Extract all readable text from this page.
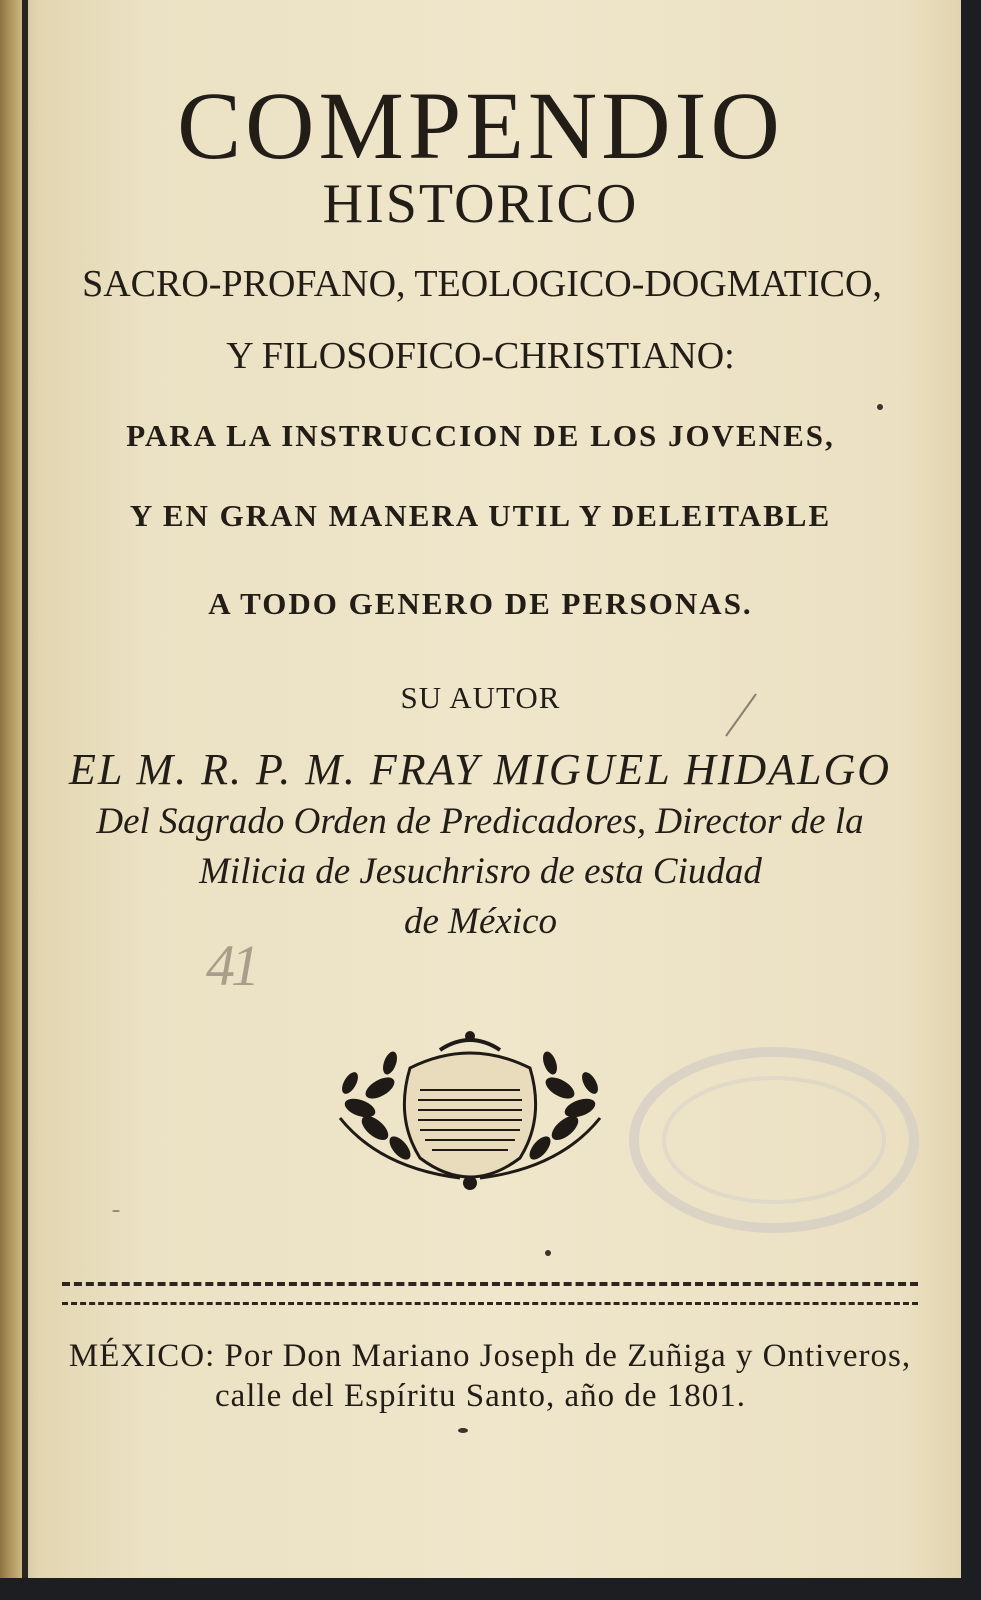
COMPENDIO
HISTORICO
SACRO-PROFANO, TEOLOGICO-DOGMATICO,
Y FILOSOFICO-CHRISTIANO:
PARA LA INSTRUCCION DE LOS JOVENES,
Y EN GRAN MANERA UTIL Y DELEITABLE
A TODO GENERO DE PERSONAS.
SU AUTOR
EL M. R. P. M. FRAY MIGUEL HIDALGO
Del Sagrado Orden de Predicadores, Director de la
Milicia de Jesuchrisro de esta Ciudad
de México
41
MÉXICO: Por Don Mariano Joseph de Zuñiga y Ontiveros,
calle del Espíritu Santo, año de 1801.
